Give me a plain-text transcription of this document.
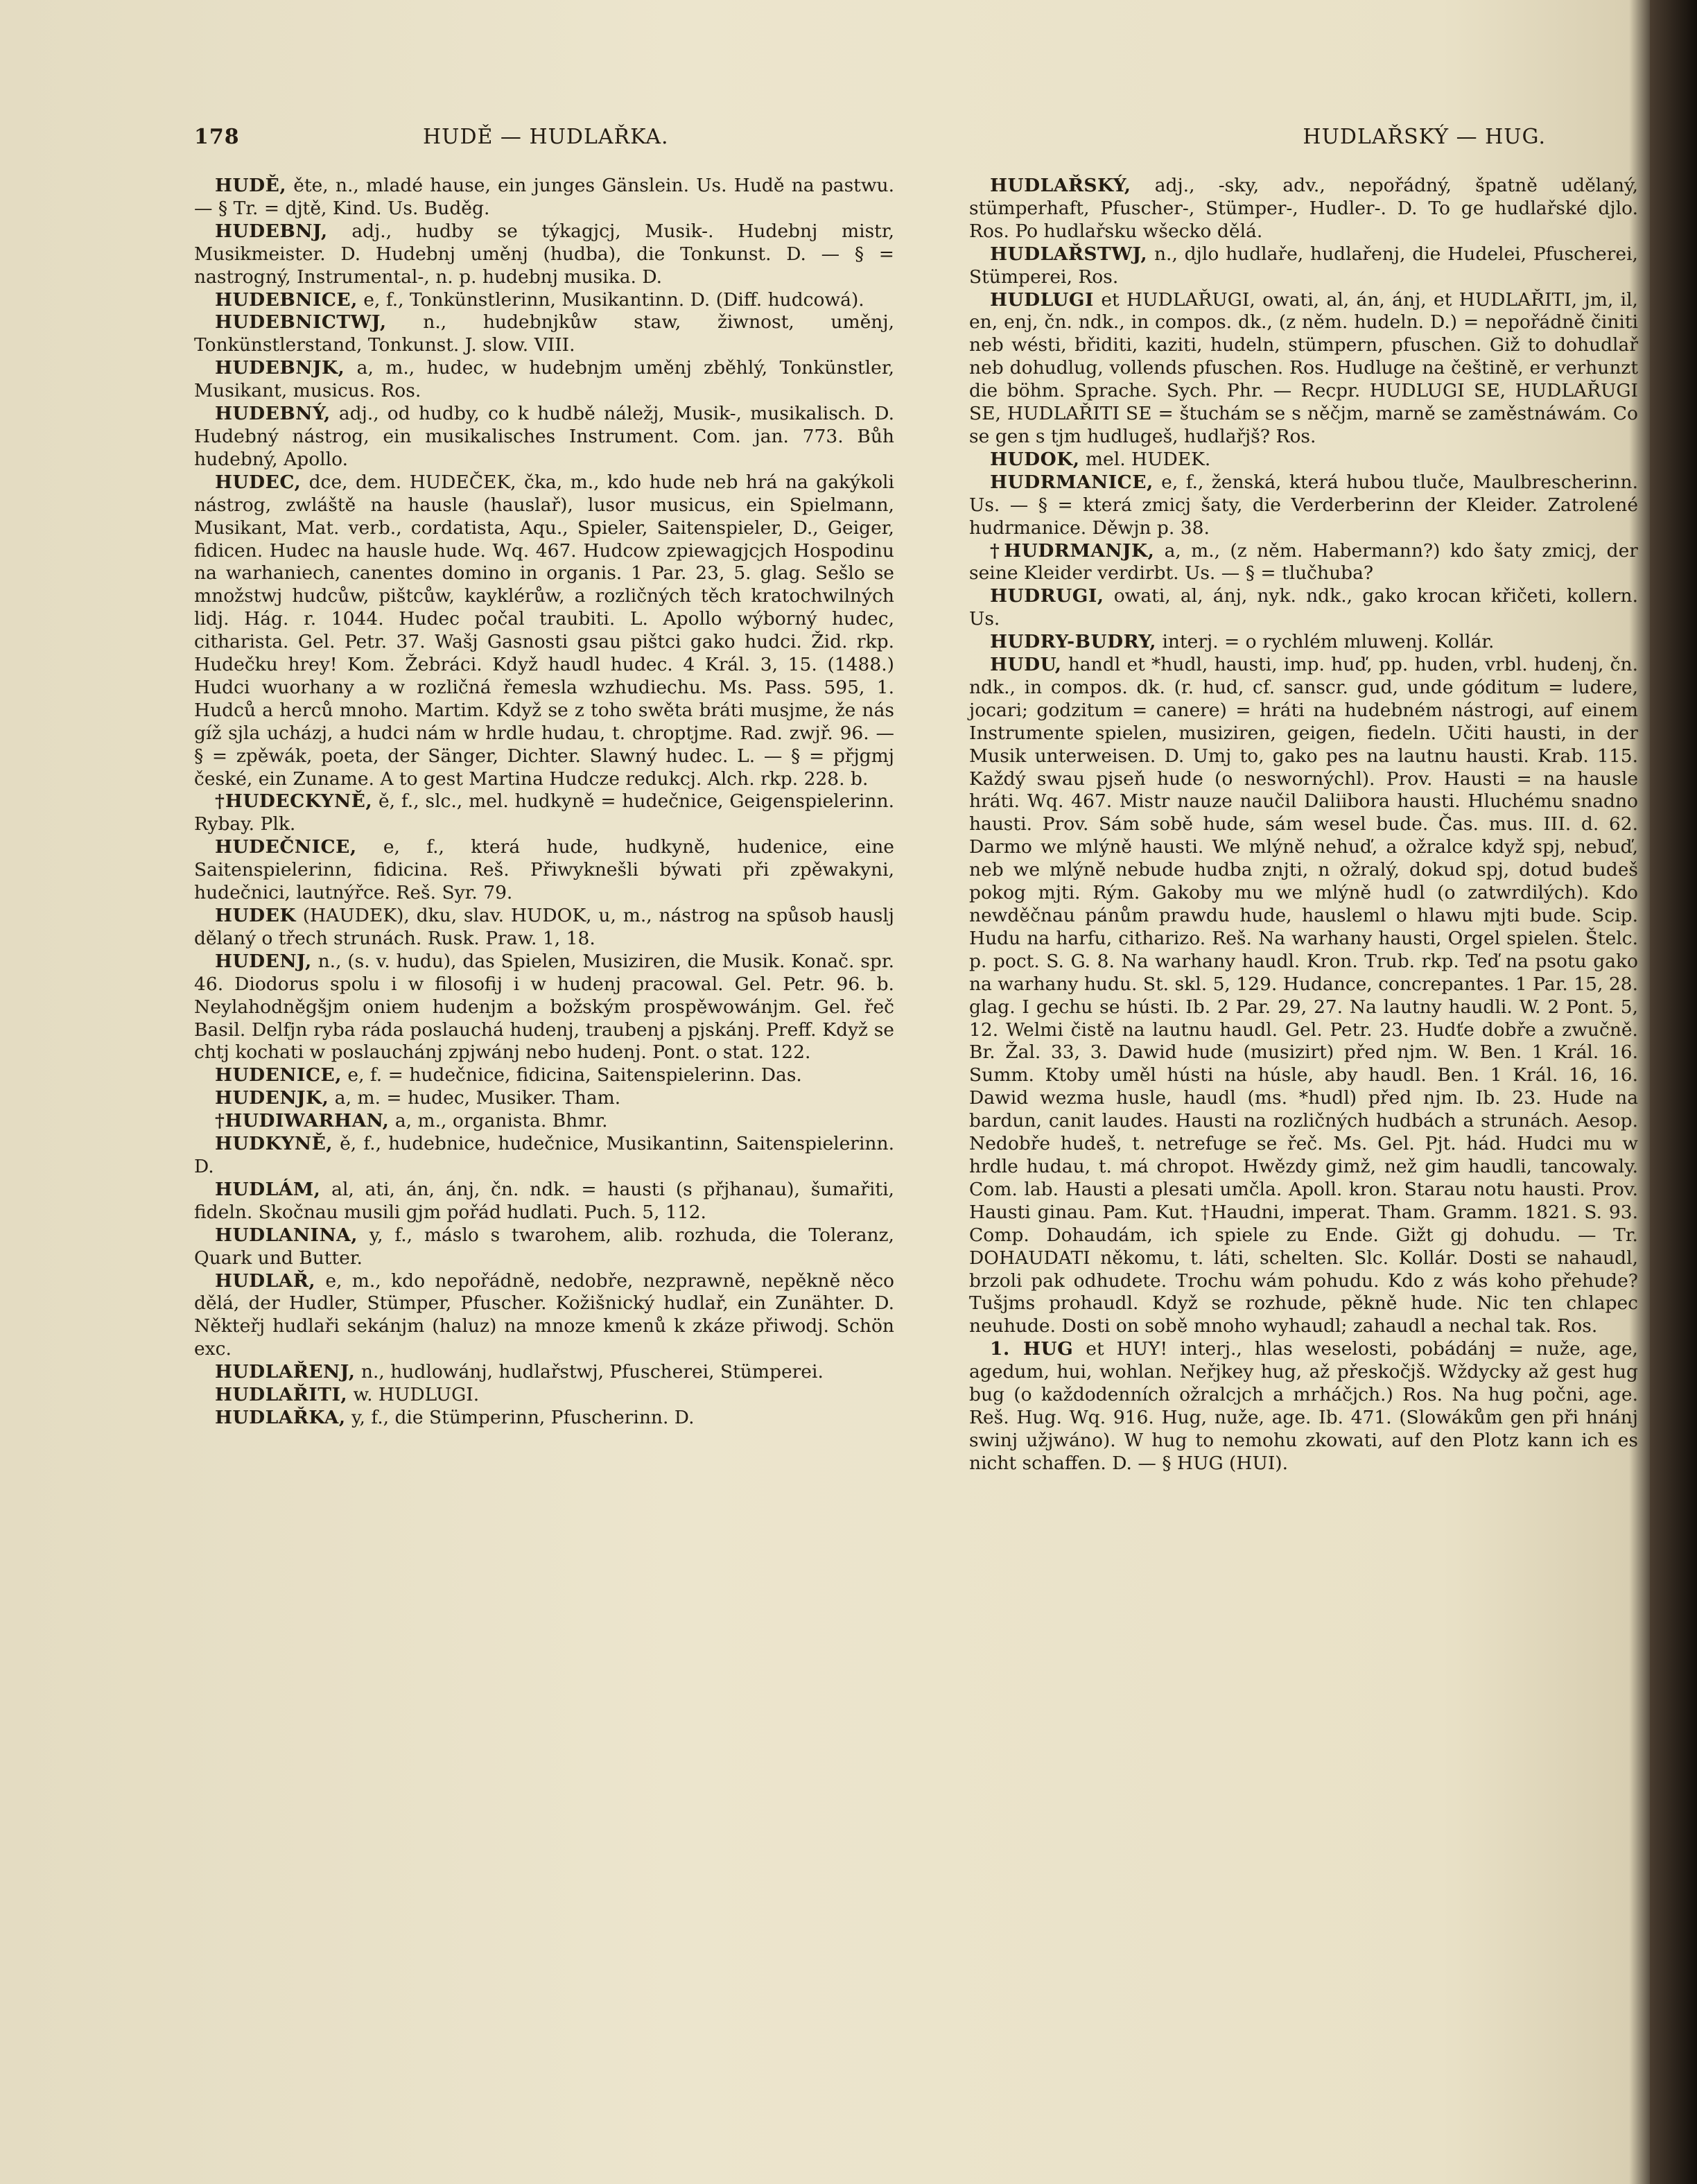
178	HUDĚ — HUDLAŘKA.	HUDLAŘSKÝ — HUG.

HUDĚ, ěte, n., mladé hause, ein junges Gänslein. Us. Hudě na pastwu. — § Tr. = djtě, Kind. Us. Buděg.

HUDEBNJ, adj., hudby se týkagjcj, Musik-. Hudebnj mistr, Musikmeister. D. Hudebnj uměnj (hudba), die Tonkunst. D. — § = nastrogný, Instrumental-, n. p. hudebnj musika. D.

HUDEBNICE, e, f., Tonkünstlerinn, Musikantinn. D. (Diff. hudcowá).

HUDEBNICTWJ, n., hudebnjkůw staw, žiwnost, uměnj, Tonkünstlerstand, Tonkunst. J. slow. VIII.

HUDEBNJK, a, m., hudec, w hudebnjm uměnj zběhlý, Tonkünstler, Musikant, musicus. Ros.

HUDEBNÝ, adj., od hudby, co k hudbě náležj, Musik-, musikalisch. D. Hudebný nástrog, ein musikalisches Instrument. Com. jan. 773. Bůh hudebný, Apollo.

HUDEC, dce, dem. HUDEČEK, čka, m., kdo hude neb hrá na gakýkoli nástrog, zwláště na hausle (hauslař), lusor musicus, ein Spielmann, Musikant, Mat. verb., cordatista, Aqu., Spieler, Saitenspieler, D., Geiger, fidicen. Hudec na hausle hude. Wq. 467. Hudcow zpiewagjcjch Hospodinu na warhaniech, canentes domino in organis. 1 Par. 23, 5. glag. Sešlo se množstwj hudcůw, pištcůw, kayklérůw, a rozličných těch kratochwilných lidj. Hág. r. 1044. Hudec počal traubiti. L. Apollo wýborný hudec, citharista. Gel. Petr. 37. Wašj Gasnosti gsau pištci gako hudci. Žid. rkp. Hudečku hrey! Kom. Žebráci. Když haudl hudec. 4 Král. 3, 15. (1488.) Hudci wuorhany a w rozličná řemesla wzhudiechu. Ms. Pass. 595, 1. Hudců a herců mnoho. Martim. Když se z toho swěta bráti musjme, že nás gíž sjla ucházj, a hudci nám w hrdle hudau, t. chroptjme. Rad. zwjř. 96. — § = zpěwák, poeta, der Sänger, Dichter. Slawný hudec. L. — § = přjgmj české, ein Zuname. A to gest Martina Hudcze redukcj. Alch. rkp. 228. b.

†HUDECKYNĚ, ě, f., slc., mel. hudkyně = hudečnice, Geigenspielerinn. Rybay. Plk.

HUDEČNICE, e, f., která hude, hudkyně, hudenice, eine Saitenspielerinn, fidicina. Reš. Přiwyknešli býwati při zpěwakyni, hudečnici, lautnýřce. Reš. Syr. 79.

HUDEK (HAUDEK), dku, slav. HUDOK, u, m., nástrog na spůsob hauslj dělaný o třech strunách. Rusk. Praw. 1, 18.

HUDENJ, n., (s. v. hudu), das Spielen, Musiziren, die Musik. Konač. spr. 46. Diodorus spolu i w filosofij i w hudenj pracowal. Gel. Petr. 96. b. Neylahodněgšjm oniem hudenjm a božským prospěwowánjm. Gel. řeč Basil. Delfjn ryba ráda poslauchá hudenj, traubenj a pjskánj. Preff. Když se chtj kochati w poslauchánj zpjwánj nebo hudenj. Pont. o stat. 122.

HUDENICE, e, f. = hudečnice, fidicina, Saitenspielerinn. Das.

HUDENJK, a, m. = hudec, Musiker. Tham.

†HUDIWARHAN, a, m., organista. Bhmr.

HUDKYNĚ, ě, f., hudebnice, hudečnice, Musikantinn, Saitenspielerinn. D.

HUDLÁM, al, ati, án, ánj, čn. ndk. = hausti (s přjhanau), šumařiti, fideln. Skočnau musili gjm pořád hudlati. Puch. 5, 112.

HUDLANINA, y, f., máslo s twarohem, alib. rozhuda, die Toleranz, Quark und Butter.

HUDLAŘ, e, m., kdo nepořádně, nedobře, nezprawně, nepěkně něco dělá, der Hudler, Stümper, Pfuscher. Kožišnický hudlař, ein Zunähter. D. Někteřj hudlaři sekánjm (haluz) na mnoze kmenů k zkáze přiwodj. Schön exc.

HUDLAŘENJ, n., hudlowánj, hudlařstwj, Pfuscherei, Stümperei.

HUDLAŘITI, w. HUDLUGI.

HUDLAŘKA, y, f., die Stümperinn, Pfuscherinn. D.

HUDLAŘSKÝ, adj., -sky, adv., nepořádný, špatně udělaný, stümperhaft, Pfuscher-, Stümper-, Hudler-. D. To ge hudlařské djlo. Ros. Po hudlařsku wšecko dělá.

HUDLAŘSTWJ, n., djlo hudlaře, hudlařenj, die Hudelei, Pfuscherei, Stümperei, Ros.

HUDLUGI et HUDLAŘUGI, owati, al, án, ánj, et HUDLAŘITI, jm, il, en, enj, čn. ndk., in compos. dk., (z něm. hudeln. D.) = nepořádně činiti neb wésti, břiditi, kaziti, hudeln, stümpern, pfuschen. Giž to dohudlař neb dohudlug, vollends pfuschen. Ros. Hudluge na češtině, er verhunzt die böhm. Sprache. Sych. Phr. — Recpr. HUDLUGI SE, HUDLAŘUGI SE, HUDLAŘITI SE = štuchám se s něčjm, marně se zaměstnáwám. Co se gen s tjm hudlugeš, hudlařjš? Ros.

HUDOK, mel. HUDEK.

HUDRMANICE, e, f., ženská, která hubou tluče, Maulbrescherinn. Us. — § = která zmicj šaty, die Verderberinn der Kleider. Zatrolené hudrmanice. Děwjn p. 38.

†HUDRMANJK, a, m., (z něm. Habermann?) kdo šaty zmicj, der seine Kleider verdirbt. Us. — § = tlučhuba?

HUDRUGI, owati, al, ánj, nyk. ndk., gako krocan křičeti, kollern. Us.

HUDRY-BUDRY, interj. = o rychlém mluwenj. Kollár.

HUDU, handl et *hudl, hausti, imp. huď, pp. huden, vrbl. hudenj, čn. ndk., in compos. dk. (r. hud, cf. sanscr. gud, unde góditum = ludere, jocari; godzitum = canere) = hráti na hudebném nástrogi, auf einem Instrumente spielen, musiziren, geigen, fiedeln. Učiti hausti, in der Musik unterweisen. D. Umj to, gako pes na lautnu hausti. Krab. 115. Každý swau pjseň hude (o neswornýchl). Prov. Hausti = na hausle hráti. Wq. 467. Mistr nauze naučil Daliibora hausti. Hluchému snadno hausti. Prov. Sám sobě hude, sám wesel bude. Čas. mus. III. d. 62. Darmo we mlýně hausti. We mlýně nehuď, a ožralce když spj, nebuď, neb we mlýně nebude hudba znjti, n ožralý, dokud spj, dotud budeš pokog mjti. Rým. Gakoby mu we mlýně hudl (o zatwrdilých). Kdo newděčnau pánům prawdu hude, hausleml o hlawu mjti bude. Scip. Hudu na harfu, citharizo. Reš. Na warhany hausti, Orgel spielen. Štelc. p. poct. S. G. 8. Na warhany haudl. Kron. Trub. rkp. Teď na psotu gako na warhany hudu. St. skl. 5, 129. Hudance, concrepantes. 1 Par. 15, 28. glag. I gechu se hústi. Ib. 2 Par. 29, 27. Na lautny haudli. W. 2 Pont. 5, 12. Welmi čistě na lautnu haudl. Gel. Petr. 23. Hudťe dobře a zwučně. Br. Žal. 33, 3. Dawid hude (musizirt) před njm. W. Ben. 1 Král. 16. Summ. Ktoby uměl hústi na húsle, aby haudl. Ben. 1 Král. 16, 16. Dawid wezma husle, haudl (ms. *hudl) před njm. Ib. 23. Hude na bardun, canit laudes. Hausti na rozličných hudbách a strunách. Aesop. Nedobře hudeš, t. netrefuge se řeč. Ms. Gel. Pjt. hád. Hudci mu w hrdle hudau, t. má chropot. Hwězdy gimž, než gim haudli, tancowaly. Com. lab. Hausti a plesati umčla. Apoll. kron. Starau notu hausti. Prov. Hausti ginau. Pam. Kut. †Haudni, imperat. Tham. Gramm. 1821. S. 93. Comp. Dohaudám, ich spiele zu Ende. Gižt gj dohudu. — Tr. DOHAUDATI někomu, t. láti, schelten. Slc. Kollár. Dosti se nahaudl, brzoli pak odhudete. Trochu wám pohudu. Kdo z wás koho přehude? Tušjms prohaudl. Když se rozhude, pěkně hude. Nic ten chlapec neuhude. Dosti on sobě mnoho wyhaudl; zahaudl a nechal tak. Ros.

1. HUG et HUY! interj., hlas weselosti, pobádánj = nuže, age, agedum, hui, wohlan. Neřjkey hug, až přeskočjš. Wždycky až gest hug bug (o každodenních ožralcjch a mrháčjch.) Ros. Na hug počni, age. Reš. Hug. Wq. 916. Hug, nuže, age. Ib. 471. (Slowákům gen při hnánj swinj užjwáno). W hug to nemohu zkowati, auf den Plotz kann ich es nicht schaffen. D. — § HUG (HUI).
